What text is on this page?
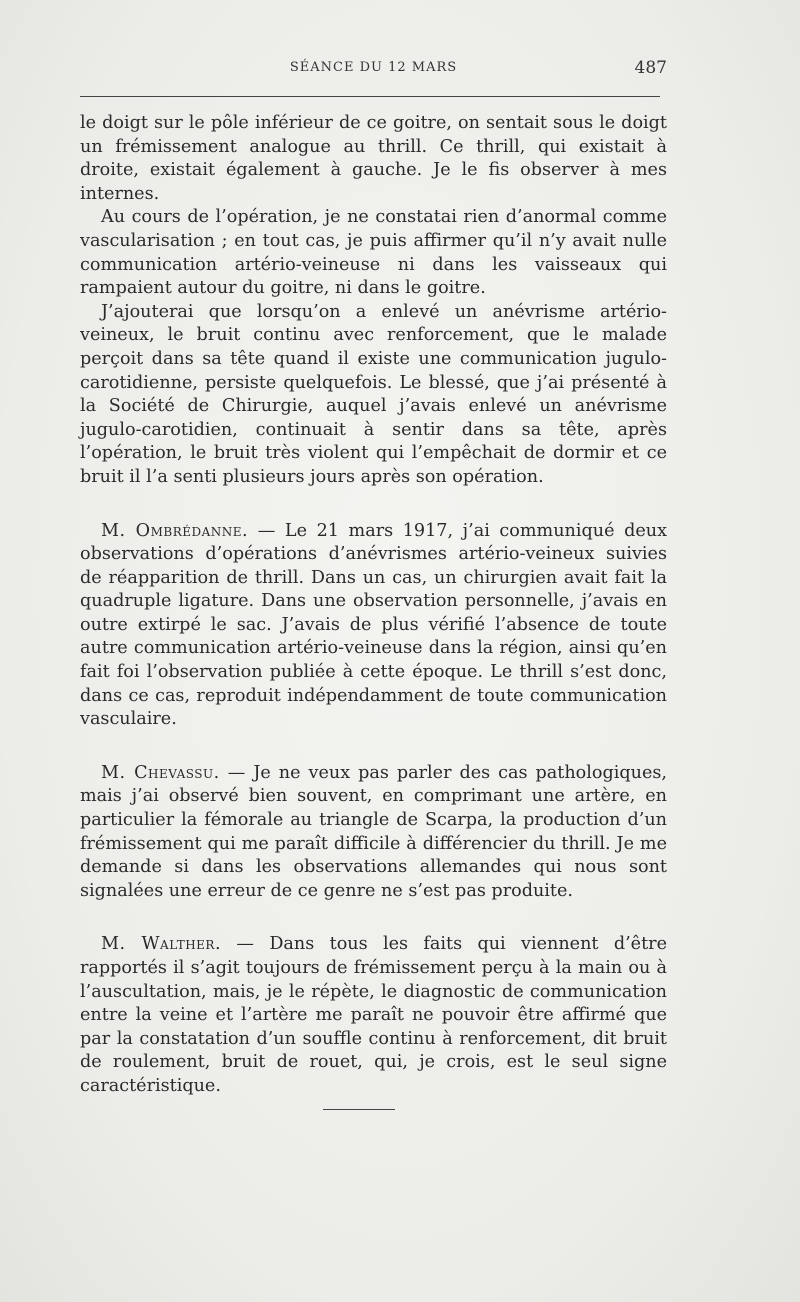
SÉANCE DU 12 MARS	487

le doigt sur le pôle inférieur de ce goitre, on sentait sous le doigt un frémissement analogue au thrill. Ce thrill, qui existait à droite, existait également à gauche. Je le fis observer à mes internes.

Au cours de l’opération, je ne constatai rien d’anormal comme vascularisation ; en tout cas, je puis affirmer qu’il n’y avait nulle communication artério-veineuse ni dans les vaisseaux qui rampaient autour du goitre, ni dans le goitre.

J’ajouterai que lorsqu’on a enlevé un anévrisme artério-veineux, le bruit continu avec renforcement, que le malade perçoit dans sa tête quand il existe une communication jugulo-carotidienne, persiste quelquefois. Le blessé, que j’ai présenté à la Société de Chirurgie, auquel j’avais enlevé un anévrisme jugulo-carotidien, continuait à sentir dans sa tête, après l’opération, le bruit très violent qui l’empêchait de dormir et ce bruit il l’a senti plusieurs jours après son opération.

M. Ombrédanne. — Le 21 mars 1917, j’ai communiqué deux observations d’opérations d’anévrismes artério-veineux suivies de réapparition de thrill. Dans un cas, un chirurgien avait fait la quadruple ligature. Dans une observation personnelle, j’avais en outre extirpé le sac. J’avais de plus vérifié l’absence de toute autre communication artério-veineuse dans la région, ainsi qu’en fait foi l’observation publiée à cette époque. Le thrill s’est donc, dans ce cas, reproduit indépendamment de toute communication vasculaire.

M. Chevassu. — Je ne veux pas parler des cas pathologiques, mais j’ai observé bien souvent, en comprimant une artère, en particulier la fémorale au triangle de Scarpa, la production d’un frémissement qui me paraît difficile à différencier du thrill. Je me demande si dans les observations allemandes qui nous sont signalées une erreur de ce genre ne s’est pas produite.

M. Walther. — Dans tous les faits qui viennent d’être rapportés il s’agit toujours de frémissement perçu à la main ou à l’auscultation, mais, je le répète, le diagnostic de communication entre la veine et l’artère me paraît ne pouvoir être affirmé que par la constatation d’un souffle continu à renforcement, dit bruit de roulement, bruit de rouet, qui, je crois, est le seul signe caractéristique.
